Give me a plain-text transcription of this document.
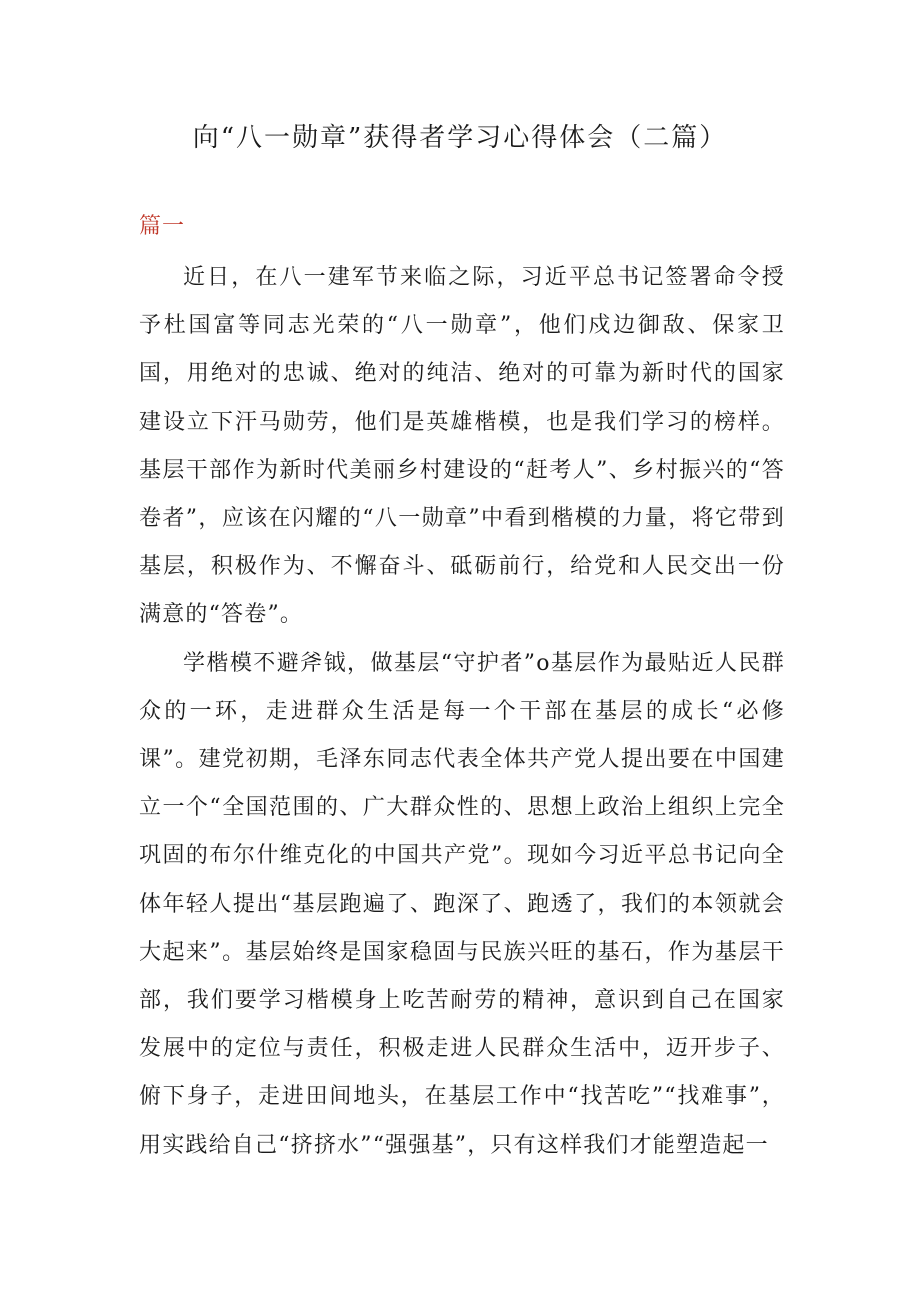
向“八一勋章”获得者学习心得体会（二篇）
篇一

近日，在八一建军节来临之际，习近平总书记签署命令授予杜国富等同志光荣的“八一勋章”，他们戍边御敌、保家卫国，用绝对的忠诚、绝对的纯洁、绝对的可靠为新时代的国家建设立下汗马勋劳，他们是英雄楷模，也是我们学习的榜样。基层干部作为新时代美丽乡村建设的“赶考人”、乡村振兴的“答卷者”，应该在闪耀的“八一勋章”中看到楷模的力量，将它带到基层，积极作为、不懈奋斗、砥砺前行，给党和人民交出一份满意的“答卷”。

学楷模不避斧钺，做基层“守护者”o基层作为最贴近人民群众的一环，走进群众生活是每一个干部在基层的成长“必修课”。建党初期，毛泽东同志代表全体共产党人提出要在中国建立一个“全国范围的、广大群众性的、思想上政治上组织上完全巩固的布尔什维克化的中国共产党”。现如今习近平总书记向全体年轻人提出“基层跑遍了、跑深了、跑透了，我们的本领就会大起来”。基层始终是国家稳固与民族兴旺的基石，作为基层干部，我们要学习楷模身上吃苦耐劳的精神，意识到自己在国家发展中的定位与责任，积极走进人民群众生活中，迈开步子、俯下身子，走进田间地头，在基层工作中“找苦吃”“找难事”，用实践给自己“挤挤水”“强强基”，只有这样我们才能塑造起一
